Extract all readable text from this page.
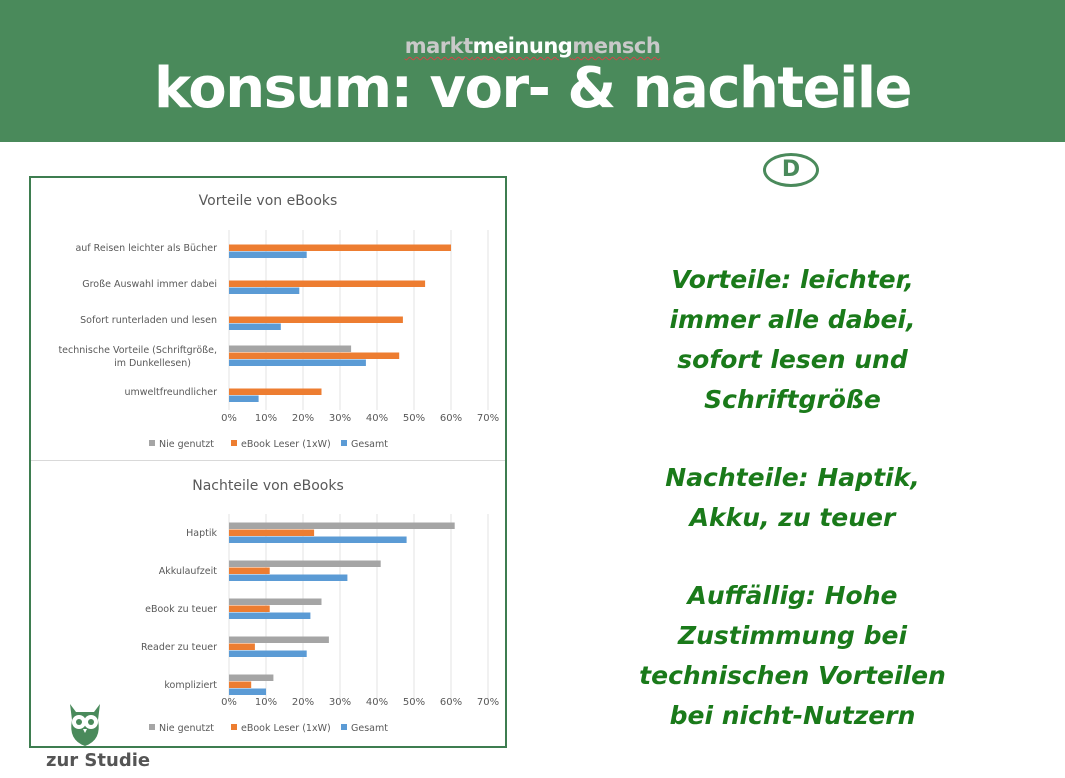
marktmeinungmensch
konsum: vor- & nachteile
D
Vorteile von eBooks
0% 10% 20% 30% 40% 50% 60% 70%
auf Reisen leichter als Bücher
Große Auswahl immer dabei
Sofort runterladen und lesen
technische Vorteile (Schriftgröße,
im Dunkellesen)
umweltfreundlicher
Nie genutzt	eBook Leser (1xW) Gesamt
Nachteile von eBooks
0% 10% 20% 30% 40% 50% 60% 70%
Haptik
Akkulaufzeit
eBook zu teuer
Reader zu teuer
kompliziert
Nie genutzt	eBook Leser (1xW) Gesamt

Vorteile: leichter,
immer alle dabei,
sofort lesen und
Schriftgröße

Nachteile: Haptik,
Akku, zu teuer

Auffällig: Hohe
Zustimmung bei
technischen Vorteilen
bei nicht-Nutzern

zur Studie
